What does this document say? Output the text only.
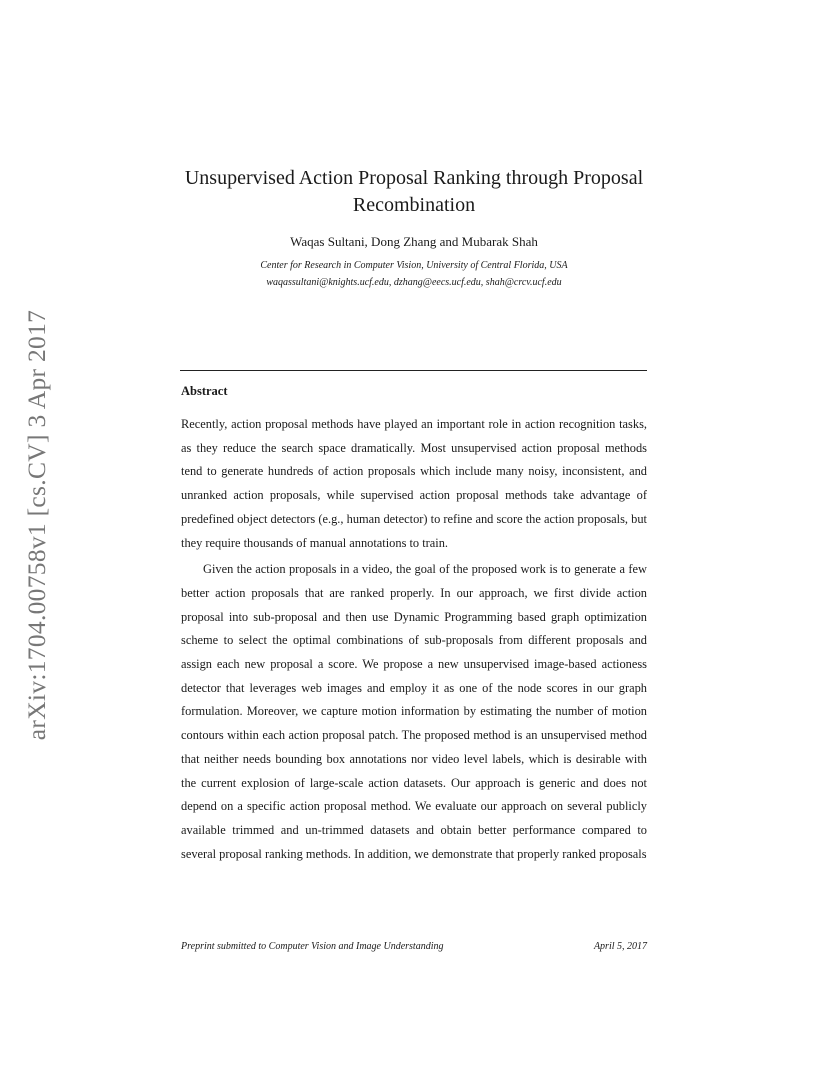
arXiv:1704.00758v1 [cs.CV] 3 Apr 2017
Unsupervised Action Proposal Ranking through Proposal Recombination
Waqas Sultani, Dong Zhang and Mubarak Shah
Center for Research in Computer Vision, University of Central Florida, USA
waqassultani@knights.ucf.edu, dzhang@eecs.ucf.edu, shah@crcv.ucf.edu
Abstract

Recently, action proposal methods have played an important role in action recognition tasks, as they reduce the search space dramatically. Most unsupervised action proposal methods tend to generate hundreds of action proposals which include many noisy, inconsistent, and unranked action proposals, while supervised action proposal methods take advantage of predefined object detectors (e.g., human detector) to refine and score the action proposals, but they require thousands of manual annotations to train.

Given the action proposals in a video, the goal of the proposed work is to generate a few better action proposals that are ranked properly. In our approach, we first divide action proposal into sub-proposal and then use Dynamic Programming based graph optimization scheme to select the optimal combinations of sub-proposals from different proposals and assign each new proposal a score. We propose a new unsupervised image-based actioness detector that leverages web images and employ it as one of the node scores in our graph formulation. Moreover, we capture motion information by estimating the number of motion contours within each action proposal patch. The proposed method is an unsupervised method that neither needs bounding box annotations nor video level labels, which is desirable with the current explosion of large-scale action datasets. Our approach is generic and does not depend on a specific action proposal method. We evaluate our approach on several publicly available trimmed and un-trimmed datasets and obtain better performance compared to several proposal ranking methods. In addition, we demonstrate that properly ranked proposals

Preprint submitted to Computer Vision and Image Understanding	April 5, 2017
